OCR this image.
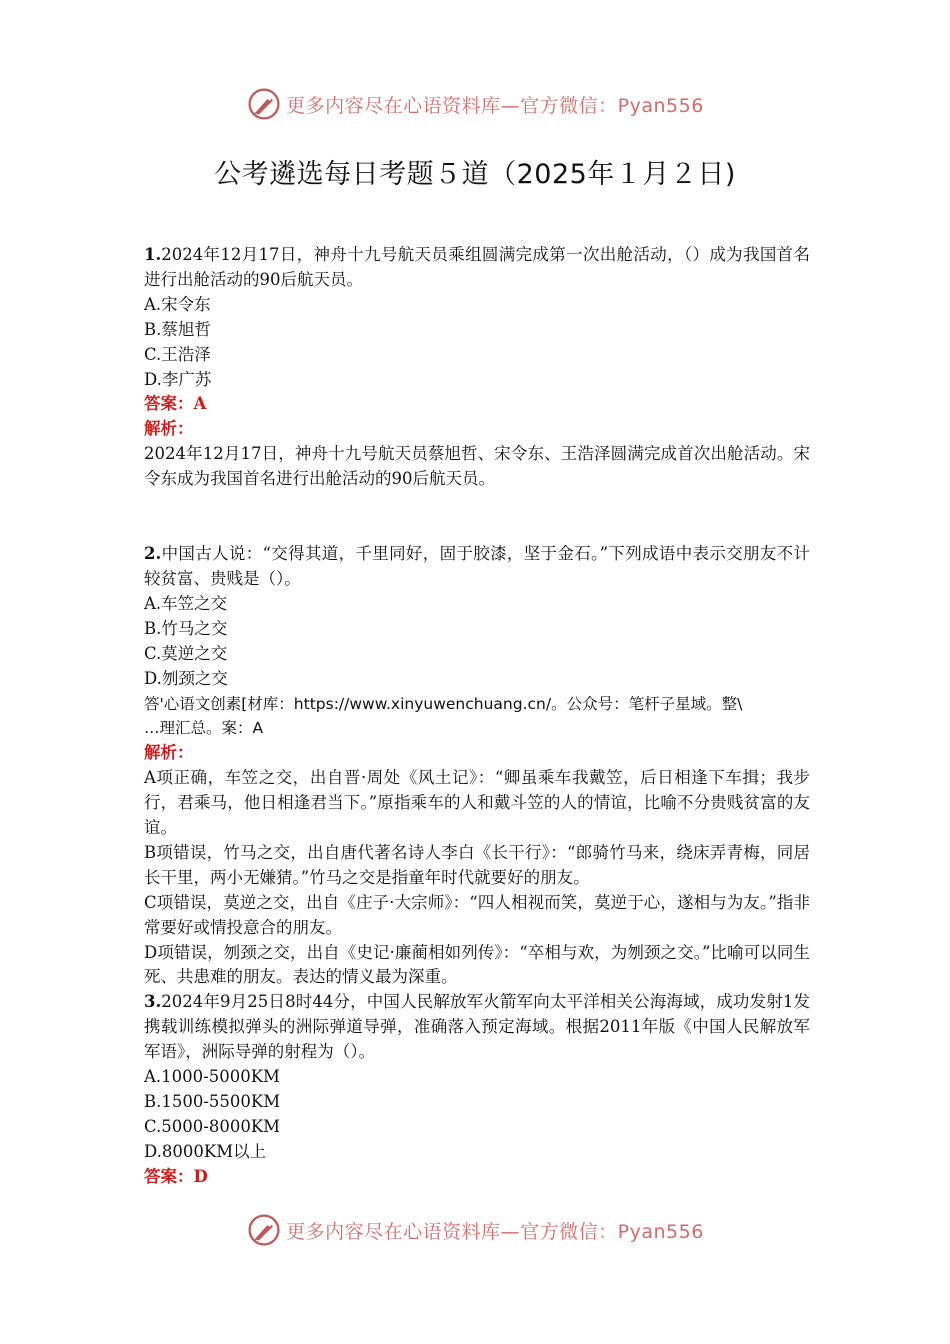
更多内容尽在心语资料库—官方微信：Pyan556
公考遴选每日考题５道（2025年１月２日)
1.2024年12月17日，神舟十九号航天员乘组圆满完成第一次出舱活动，（）成为我国首名进行出舱活动的90后航天员。
A.宋令东
B.蔡旭哲
C.王浩泽
D.李广苏
答案：A
解析：
2024年12月17日，神舟十九号航天员蔡旭哲、宋令东、王浩泽圆满完成首次出舱活动。宋令东成为我国首名进行出舱活动的90后航天员。
2.中国古人说：“交得其道，千里同好，固于胶漆，坚于金石。”下列成语中表示交朋友不计较贫富、贵贱是（）。
A.车笠之交
B.竹马之交
C.莫逆之交
D.刎颈之交
答'心语文创素[材库：https://www.xinyuwenchuang.cn/。公众号：笔杆子星域。整\
…理汇总。案：A
解析：
A项正确，车笠之交，出自晋·周处《风土记》：“卿虽乘车我戴笠，后日相逢下车揖；我步行，君乘马，他日相逢君当下。”原指乘车的人和戴斗笠的人的情谊，比喻不分贵贱贫富的友谊。
B项错误，竹马之交，出自唐代著名诗人李白《长干行》：“郎骑竹马来，绕床弄青梅，同居长干里，两小无嫌猜。”竹马之交是指童年时代就要好的朋友。
C项错误，莫逆之交，出自《庄子·大宗师》：“四人相视而笑，莫逆于心，遂相与为友。”指非常要好或情投意合的朋友。
D项错误，刎颈之交，出自《史记·廉蔺相如列传》：“卒相与欢，为刎颈之交。”比喻可以同生死、共患难的朋友。表达的情义最为深重。
3.2024年9月25日8时44分，中国人民解放军火箭军向太平洋相关公海海域，成功发射1发携载训练模拟弹头的洲际弹道导弹，准确落入预定海域。根据2011年版《中国人民解放军军语》，洲际导弹的射程为（）。
A.1000-5000KM
B.1500-5500KM
C.5000-8000KM
D.8000KM以上
答案：D
更多内容尽在心语资料库—官方微信：Pyan556
